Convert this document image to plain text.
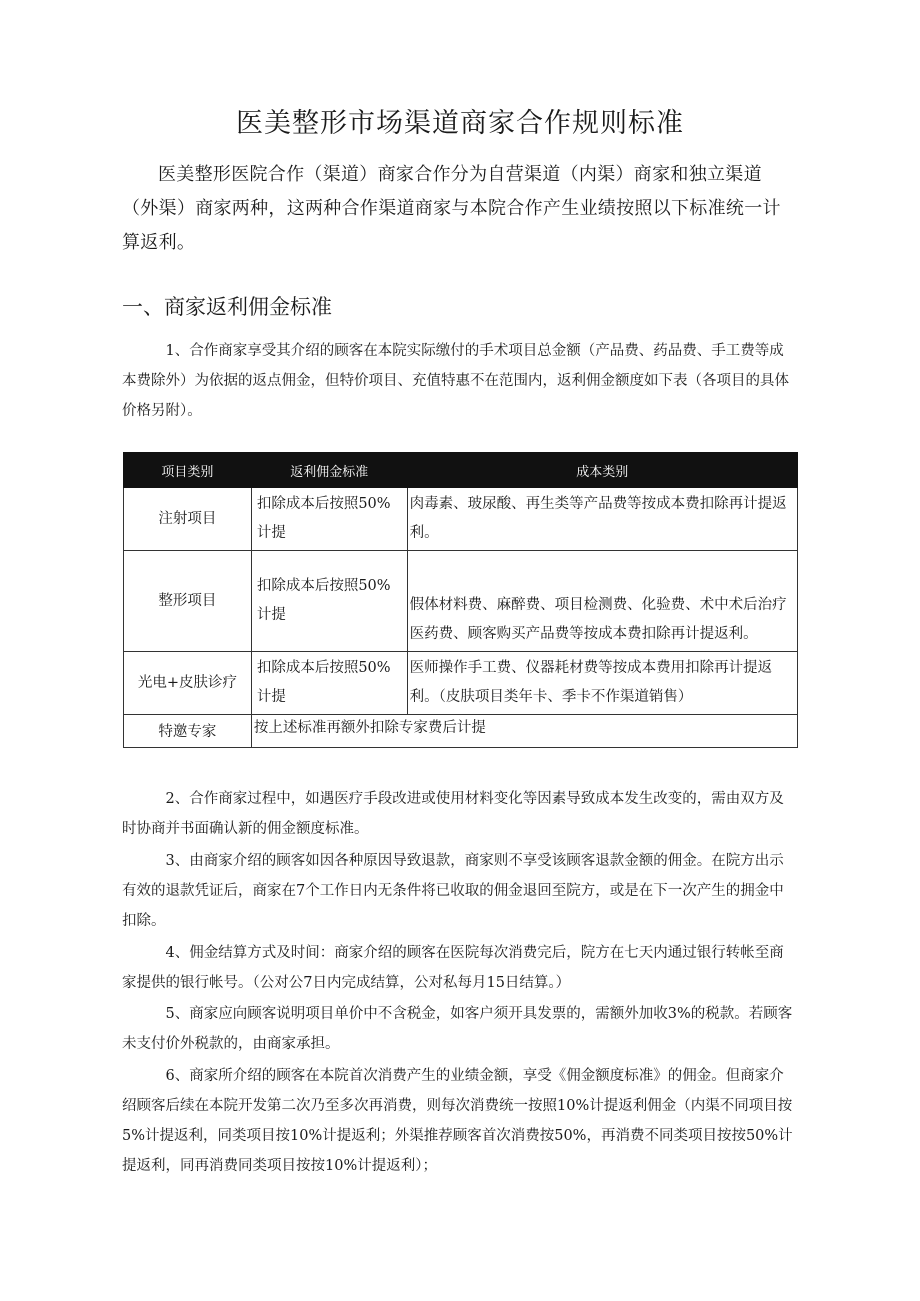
医美整形市场渠道商家合作规则标准
医美整形医院合作（渠道）商家合作分为自营渠道（内渠）商家和独立渠道（外渠）商家两种，这两种合作渠道商家与本院合作产生业绩按照以下标准统一计算返利。
一、商家返利佣金标准
1、合作商家享受其介绍的顾客在本院实际缴付的手术项目总金额（产品费、药品费、手工费等成本费除外）为依据的返点佣金，但特价项目、充值特惠不在范围内，返利佣金额度如下表（各项目的具体价格另附）。
项目类别	返利佣金标准	成本类别
注射项目	扣除成本后按照50%计提	肉毒素、玻尿酸、再生类等产品费等按成本费扣除再计提返利。
整形项目	扣除成本后按照50%计提	假体材料费、麻醉费、项目检测费、化验费、术中术后治疗医药费、顾客购买产品费等按成本费扣除再计提返利。
光电+皮肤诊疗	扣除成本后按照50%计提	医师操作手工费、仪器耗材费等按成本费用扣除再计提返利。（皮肤项目类年卡、季卡不作渠道销售）
特邀专家	按上述标准再额外扣除专家费后计提	
2、合作商家过程中，如遇医疗手段改进或使用材料变化等因素导致成本发生改变的，需由双方及时协商并书面确认新的佣金额度标准。
3、由商家介绍的顾客如因各种原因导致退款，商家则不享受该顾客退款金额的佣金。在院方出示有效的退款凭证后，商家在7个工作日内无条件将已收取的佣金退回至院方，或是在下一次产生的拥金中扣除。
4、佣金结算方式及时间：商家介绍的顾客在医院每次消费完后，院方在七天内通过银行转帐至商家提供的银行帐号。（公对公7日内完成结算，公对私每月15日结算。）
5、商家应向顾客说明项目单价中不含税金，如客户须开具发票的，需额外加收3%的税款。若顾客未支付价外税款的，由商家承担。
6、商家所介绍的顾客在本院首次消费产生的业绩金额，享受《佣金额度标准》的佣金。但商家介绍顾客后续在本院开发第二次乃至多次再消费，则每次消费统一按照10%计提返利佣金（内渠不同项目按5%计提返利，同类项目按10%计提返利；外渠推荐顾客首次消费按50%，再消费不同类项目按按50%计提返利，同再消费同类项目按按10%计提返利）；
